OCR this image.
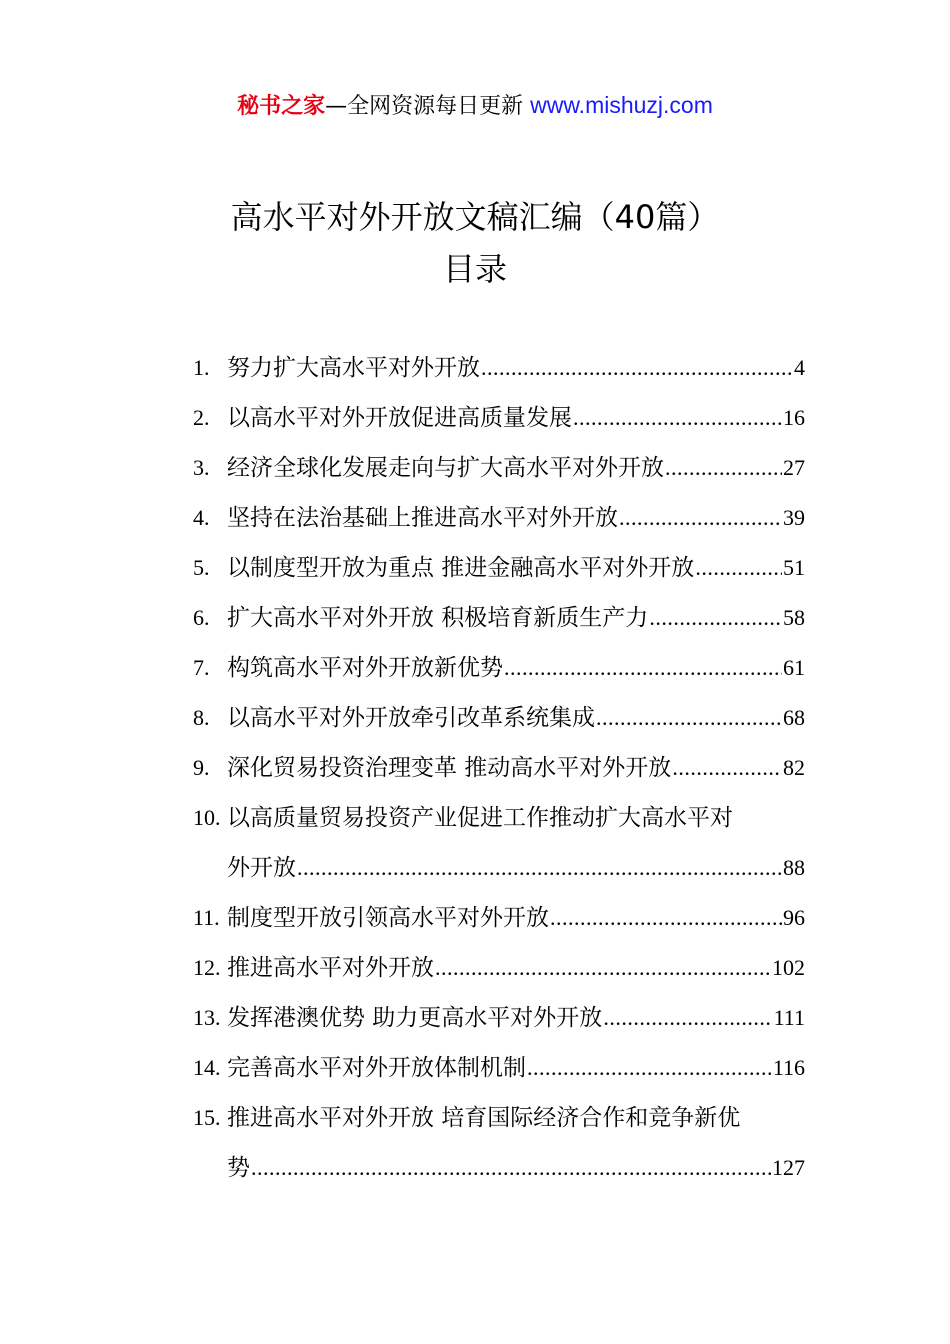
秘书之家—全网资源每日更新 www.mishuzj.com
高水平对外开放文稿汇编（40篇）
目录
1. 努力扩大高水平对外开放 .....	4
2. 以高水平对外开放促进高质量发展 .....	16
3. 经济全球化发展走向与扩大高水平对外开放 .....	27
4. 坚持在法治基础上推进高水平对外开放 .....	39
5. 以制度型开放为重点 推进金融高水平对外开放 .....	51
6. 扩大高水平对外开放 积极培育新质生产力 .....	58
7. 构筑高水平对外开放新优势 .....	61
8. 以高水平对外开放牵引改革系统集成 .....	68
9. 深化贸易投资治理变革 推动高水平对外开放 .....	82
10. 以高质量贸易投资产业促进工作推动扩大高水平对
外开放 .....	88
11. 制度型开放引领高水平对外开放 .....	96
12. 推进高水平对外开放 .....	102
13. 发挥港澳优势 助力更高水平对外开放 .....	111
14. 完善高水平对外开放体制机制 .....	116
15. 推进高水平对外开放 培育国际经济合作和竞争新优
势 .....	127
